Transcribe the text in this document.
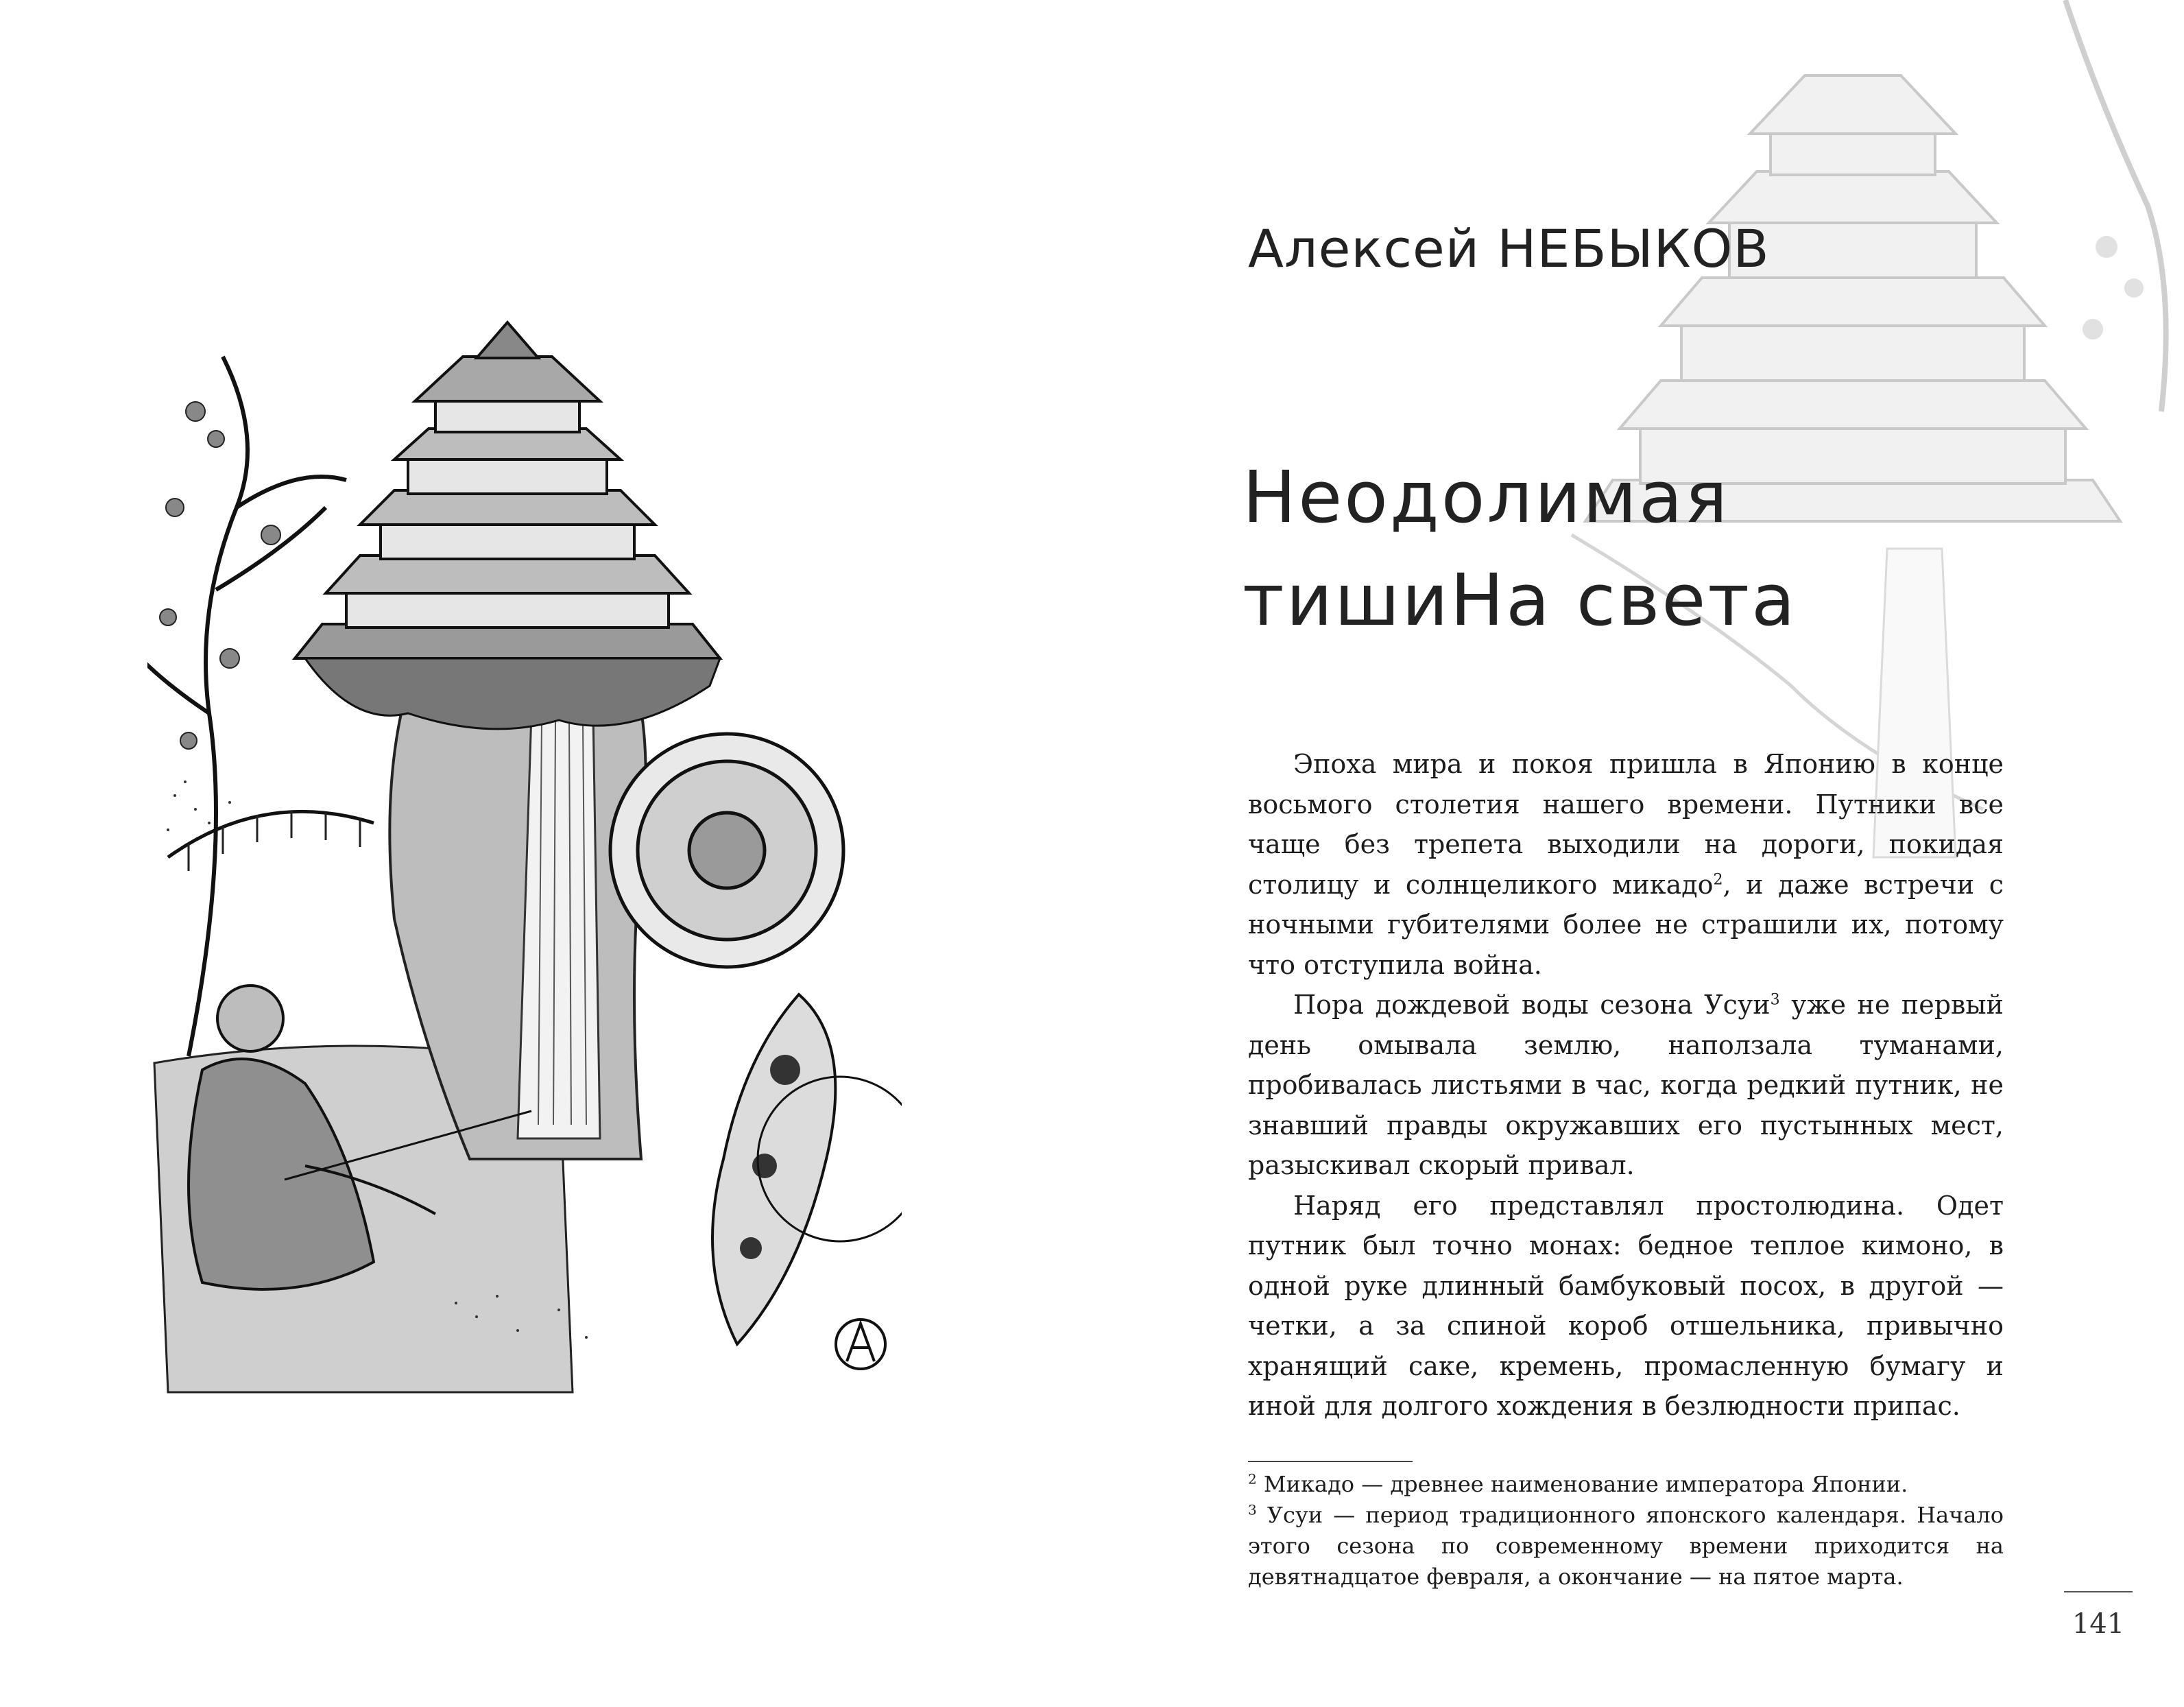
Алексей НЕБЫКОВ
Неодолимая
тишиНа света

Эпоха мира и покоя пришла в Японию в конце восьмого столетия нашего времени. Путники все чаще без трепета выходили на дороги, покидая столицу и солнцеликого микадо$^2$, и даже встречи с ночными губителями более не страшили их, потому что отступила война.

Пора дождевой воды сезона Усуи$^3$ уже не первый день омывала землю, наползала туманами, пробивалась листьями в час, когда редкий путник, не знавший правды окружавших его пустынных мест, разыскивал скорый привал.

Наряд его представлял простолюдина. Одет путник был точно монах: бедное теплое кимоно, в одной руке длинный бамбуковый посох, в другой — четки, а за спиной короб отшельника, привычно хранящий саке, кремень, промасленную бумагу и иной для долгого хождения в безлюдности припас.

$^2$ Микадо — древнее наименование императора Японии.

$^3$ Усуи — период традиционного японского календаря. Начало этого сезона по современному времени приходится на девятнадцатое февраля, а окончание — на пятое марта.

141
